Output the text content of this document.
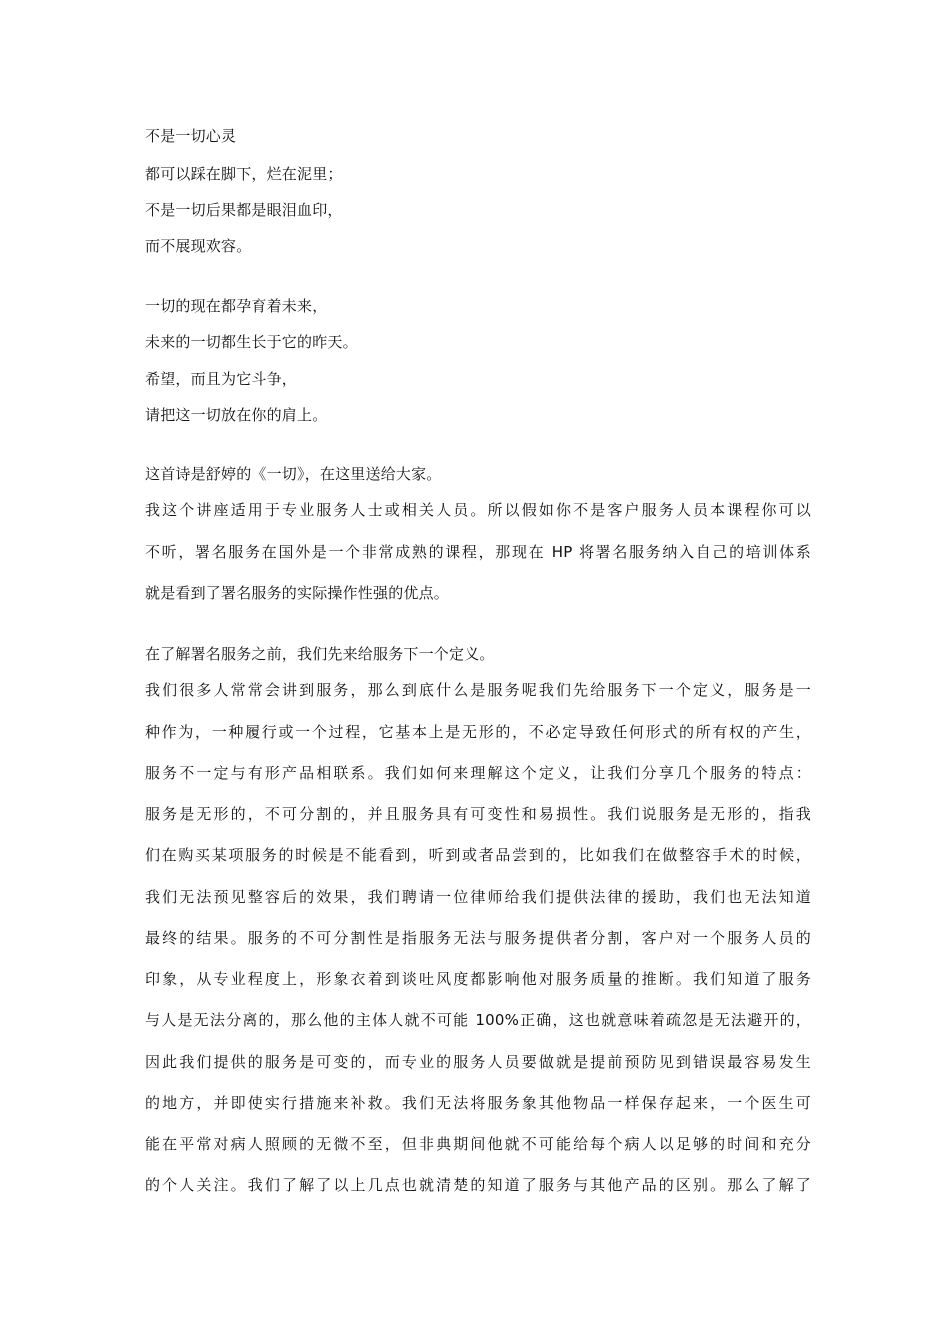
不是一切心灵
都可以踩在脚下，烂在泥里；
不是一切后果都是眼泪血印，
而不展现欢容。
一切的现在都孕育着未来，
未来的一切都生长于它的昨天。
希望，而且为它斗争，
请把这一切放在你的肩上。
这首诗是舒婷的《一切》，在这里送给大家。
我这个讲座适用于专业服务人士或相关人员。所以假如你不是客户服务人员本课程你可以
不听，署名服务在国外是一个非常成熟的课程，那现在 HP 将署名服务纳入自己的培训体系
就是看到了署名服务的实际操作性强的优点。
在了解署名服务之前，我们先来给服务下一个定义。
我们很多人常常会讲到服务，那么到底什么是服务呢我们先给服务下一个定义，服务是一
种作为，一种履行或一个过程，它基本上是无形的，不必定导致任何形式的所有权的产生，
服务不一定与有形产品相联系。我们如何来理解这个定义，让我们分享几个服务的特点：
服务是无形的，不可分割的，并且服务具有可变性和易损性。我们说服务是无形的，指我
们在购买某项服务的时候是不能看到，听到或者品尝到的，比如我们在做整容手术的时候，
我们无法预见整容后的效果，我们聘请一位律师给我们提供法律的援助，我们也无法知道
最终的结果。服务的不可分割性是指服务无法与服务提供者分割，客户对一个服务人员的
印象，从专业程度上，形象衣着到谈吐风度都影响他对服务质量的推断。我们知道了服务
与人是无法分离的，那么他的主体人就不可能 100%正确，这也就意味着疏忽是无法避开的，
因此我们提供的服务是可变的，而专业的服务人员要做就是提前预防见到错误最容易发生
的地方，并即使实行措施来补救。我们无法将服务象其他物品一样保存起来，一个医生可
能在平常对病人照顾的无微不至，但非典期间他就不可能给每个病人以足够的时间和充分
的个人关注。我们了解了以上几点也就清楚的知道了服务与其他产品的区别。那么了解了
